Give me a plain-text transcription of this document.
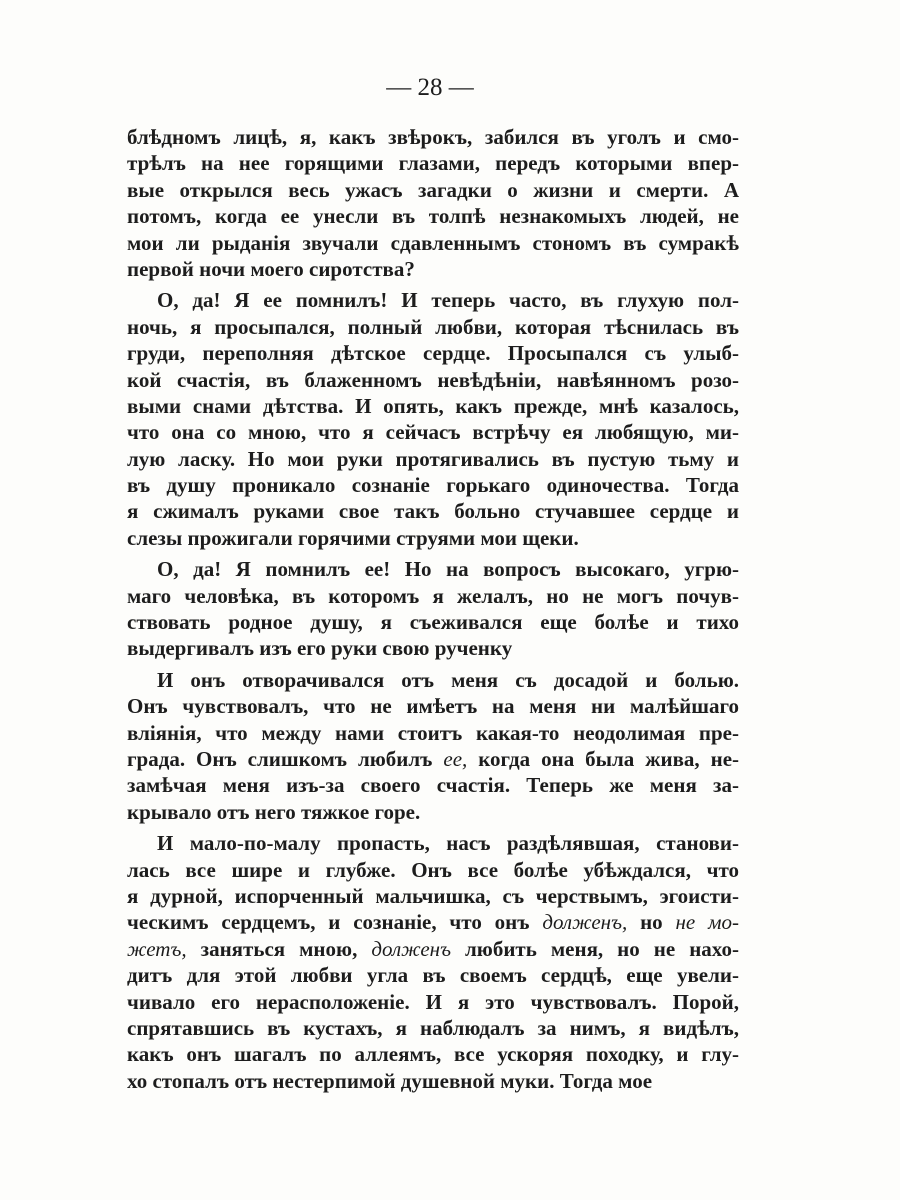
— 28 —
блѣдномъ лицѣ, я, какъ звѣрокъ, забился въ уголъ и смо-
трѣлъ на нее горящими глазами, передъ которыми впер-
вые открылся весь ужасъ загадки о жизни и смерти. А
потомъ, когда ее унесли въ толпѣ незнакомыхъ людей, не
мои ли рыданія звучали сдавленнымъ стономъ въ сумракѣ
первой ночи моего сиротства?
О, да! Я ее помнилъ! И теперь часто, въ глухую пол-
ночь, я просыпался, полный любви, которая тѣснилась въ
груди, переполняя дѣтское сердце. Просыпался съ улыб-
кой счастія, въ блаженномъ невѣдѣніи, навѣянномъ розо-
выми снами дѣтства. И опять, какъ прежде, мнѣ казалось,
что она со мною, что я сейчасъ встрѣчу ея любящую, ми-
лую ласку. Но мои руки протягивались въ пустую тьму и
въ душу проникало сознаніе горькаго одиночества. Тогда
я сжималъ руками свое такъ больно стучавшее сердце и
слезы прожигали горячими струями мои щеки.
О, да! Я помнилъ ее! Но на вопросъ высокаго, угрю-
маго человѣка, въ которомъ я желалъ, но не могъ почув-
ствовать родное душу, я съеживался еще болѣе и тихо
выдергивалъ изъ его руки свою рученку
И онъ отворачивался отъ меня съ досадой и болью.
Онъ чувствовалъ, что не имѣетъ на меня ни малѣйшаго
вліянія, что между нами стоитъ какая-то неодолимая пре-
града. Онъ слишкомъ любилъ ее, когда она была жива, не-
замѣчая меня изъ-за своего счастія. Теперь же меня за-
крывало отъ него тяжкое горе.
И мало-по-малу пропасть, насъ раздѣлявшая, станови-
лась все шире и глубже. Онъ все болѣе убѣждался, что
я дурной, испорченный мальчишка, съ черствымъ, эгоисти-
ческимъ сердцемъ, и сознаніе, что онъ долженъ, но не мо-
жетъ, заняться мною, долженъ любить меня, но не нахо-
дитъ для этой любви угла въ своемъ сердцѣ, еще увели-
чивало его нерасположеніе. И я это чувствовалъ. Порой,
спрятавшись въ кустахъ, я наблюдалъ за нимъ, я видѣлъ,
какъ онъ шагалъ по аллеямъ, все ускоряя походку, и глу-
хо стопалъ отъ нестерпимой душевной муки. Тогда мое
